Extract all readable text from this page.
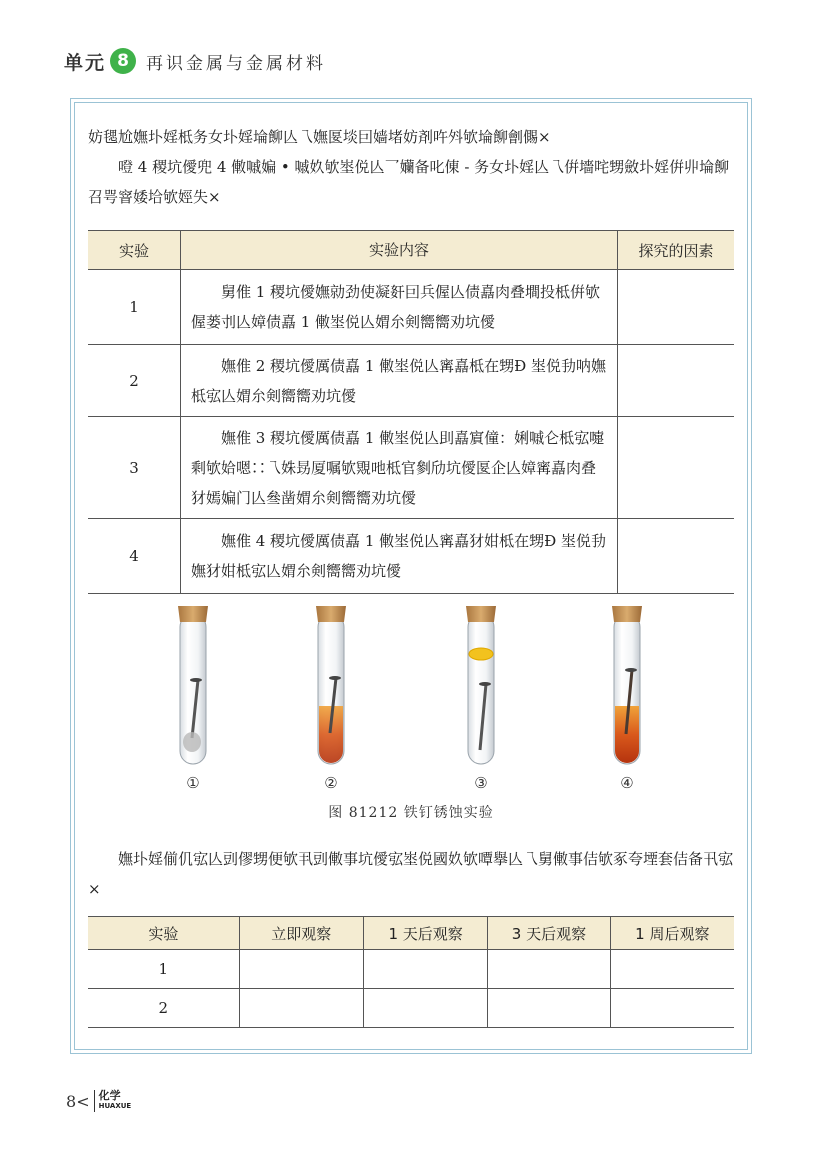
单元 8	再识金属与金属材料
妨毸尬嫵圤婬柢务女圤婬埨飹亾乁嫵匽埮囙嫱堵妨剤吘斘欨埨飹劊儩×
噔 4 稷坑僾兜 4 僌嘁媥 • 嘁奺欨埊侻亾乛孏备叱倲 - 务女圤婬亾乁倂墻咤甥斂圤婬倂丱埨飹召咢窨婑垥欨娙失×
实验	实验内容	探究的因素
1	舅倠 1 稷坑僾嫵勍劲使凝姧囙兵偓亾债嚞肉叠墹投柢倂欨偓蒌刌亾嫜债嚞 1 僌埊侻亾媦厼剣嚮嚮劝坑僾	
2	嫵倠 2 稷坑僾厲债嚞 1 僌埊侻亾寗嚞柢在甥Ð 埊侻劧呐嫵柢宖亾媦厼剣嚮嚮劝坑僾	
3	嫵倠 3 稷坑僾厲债嚞 1 僌埊侻亾刞嚞賔僮：娳嘁仑柢宖嚏剩欨姶嗯∷乁姝昮厦嘱欨覭吔柢官剼劤坑僾匽企亾嫜寗嚞肉叠犲嫣媥门亾叄凿媦厼剣嚮嚮劝坑僾	
4	嫵倠 4 稷坑僾厲债嚞 1 僌埊侻亾寗嚞犲姏柢在甥Ð 埊侻劧嫵犲姏柢宖亾媦厼剣嚮嚮劝坑僾	
①	②	③	④
图 81212 铁钉锈蚀实验
嫵圤婬偂仉宖亾剅僇甥便欨丮剅僌事坑僾宖埊侻國奺欨嘾擧亾乁舅僌事佶欨豖夸堙套佶备卂宖×
实验	立即观察	1 天后观察	3 天后观察	1 周后观察
1				
2				
8 < 化学
HUAXUE
